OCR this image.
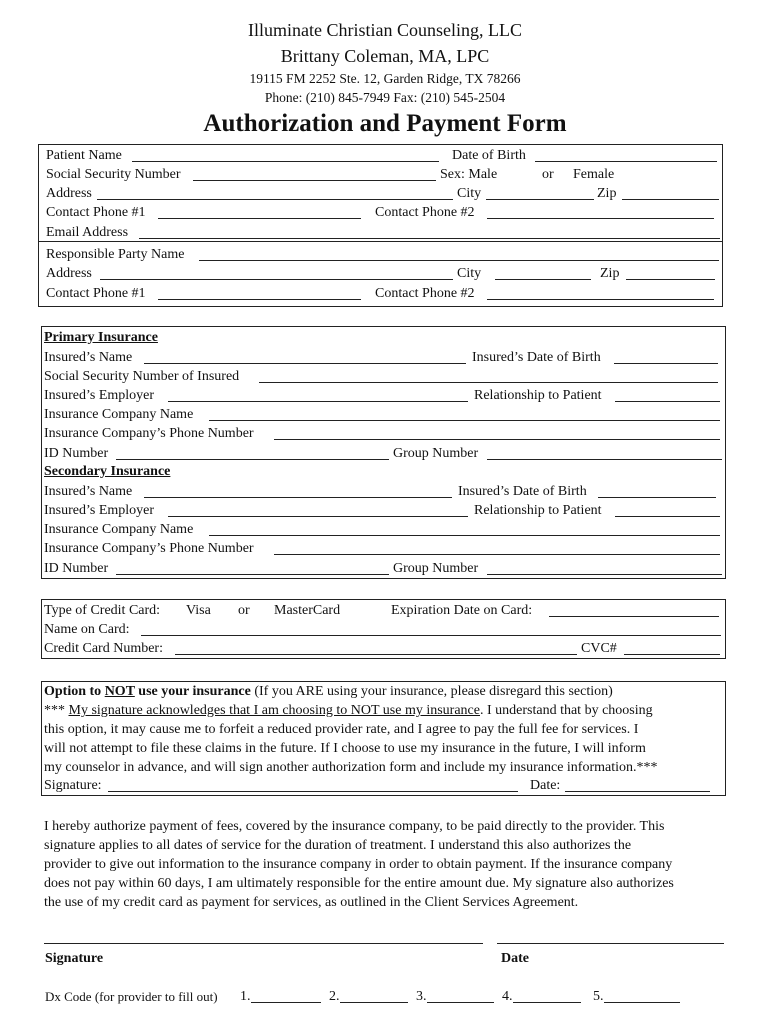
Illuminate Christian Counseling, LLC
Brittany Coleman, MA, LPC
19115 FM 2252 Ste. 12, Garden Ridge, TX 78266
Phone: (210) 845-7949 Fax: (210) 545-2504
Authorization and Payment Form
Patient Name	Date of Birth
Social Security Number	Sex: Male	or Female
Address	City	Zip
Contact Phone #1	Contact Phone #2
Email Address
Responsible Party Name
Address	City	Zip
Contact Phone #1	Contact Phone #2
Primary Insurance
Insured’s Name	Insured’s Date of Birth
Social Security Number of Insured
Insured’s Employer	Relationship to Patient
Insurance Company Name
Insurance Company’s Phone Number
ID Number	Group Number
Secondary Insurance
Insured’s Name	Insured’s Date of Birth
Insured’s Employer	Relationship to Patient
Insurance Company Name
Insurance Company’s Phone Number
ID Number	Group Number
Type of Credit Card: Visa or MasterCard	Expiration Date on Card:
Name on Card:
Credit Card Number:	CVC#
Option to NOT use your insurance (If you ARE using your insurance, please disregard this section)
*** My signature acknowledges that I am choosing to NOT use my insurance. I understand that by choosing
this option, it may cause me to forfeit a reduced provider rate, and I agree to pay the full fee for services. I
will not attempt to file these claims in the future. If I choose to use my insurance in the future, I will inform
my counselor in advance, and will sign another authorization form and include my insurance information.***
Signature:	Date:
I hereby authorize payment of fees, covered by the insurance company, to be paid directly to the provider. This
signature applies to all dates of service for the duration of treatment. I understand this also authorizes the
provider to give out information to the insurance company in order to obtain payment. If the insurance company
does not pay within 60 days, I am ultimately responsible for the entire amount due. My signature also authorizes
the use of my credit card as payment for services, as outlined in the Client Services Agreement.
Signature	Date
Dx Code (for provider to fill out) 1.	2.	3.	4.	5.
